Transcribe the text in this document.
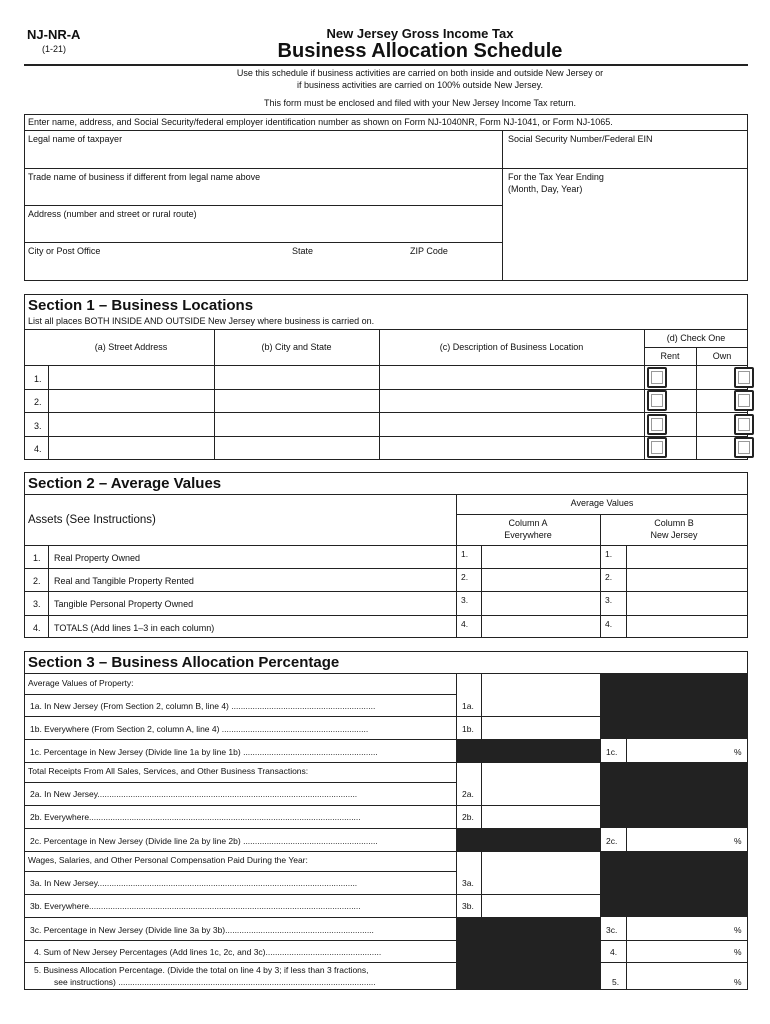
NJ-NR-A
(1-21)
New Jersey Gross Income Tax
Business Allocation Schedule
Use this schedule if business activities are carried on both inside and outside New Jersey or
if business activities are carried on 100% outside New Jersey.
This form must be enclosed and filed with your New Jersey Income Tax return.
Enter name, address, and Social Security/federal employer identification number as shown on Form NJ-1040NR, Form NJ-1041, or Form NJ-1065.
Legal name of taxpayer	Social Security Number/Federal EIN
Trade name of business if different from legal name above	For the Tax Year Ending
(Month, Day, Year)
Address (number and street or rural route)
City or Post Office	State	ZIP Code
Section 1 – Business Locations
List all places BOTH INSIDE AND OUTSIDE New Jersey where business is carried on.
(a) Street Address	(b) City and State	(c) Description of Business Location
(d) Check One
Rent	Own
1.
2.
3.
4.
Section 2 – Average Values
Assets (See Instructions)
Average Values
Column A
Everywhere
Column B
New Jersey
1. Real Property Owned	1.	1.
2. Real and Tangible Property Rented	2.	2.
3. Tangible Personal Property Owned	3.	3.
4. TOTALS (Add lines 1–3 in each column)	4.	4.
Section 3 – Business Allocation Percentage
Average Values of Property:
Total Receipts From All Sales, Services, and Other Business Transactions:
Wages, Salaries, and Other Personal Compensation Paid During the Year:
1a. In New Jersey (From Section 2, column B, line 4) .............................................................	1a.
1b. Everywhere (From Section 2, column A, line 4) ..............................................................	1b.
1c. Percentage in New Jersey (Divide line 1a by line 1b) .........................................................	1c.	%
2a. In New Jersey..............................................................................................................	2a.
2b. Everywhere...................................................................................................................	2b.
2c. Percentage in New Jersey (Divide line 2a by line 2b) .........................................................	2c.	%
3a. In New Jersey..............................................................................................................	3a.
3b. Everywhere...................................................................................................................	3b.
3c. Percentage in New Jersey (Divide line 3a by 3b)...............................................................	3c.	%
4. Sum of New Jersey Percentages (Add lines 1c, 2c, and 3c).................................................	4.	%
5. Business Allocation Percentage. (Divide the total on line 4 by 3; if less than 3 fractions,
see instructions) .............................................................................................................	5.	%
